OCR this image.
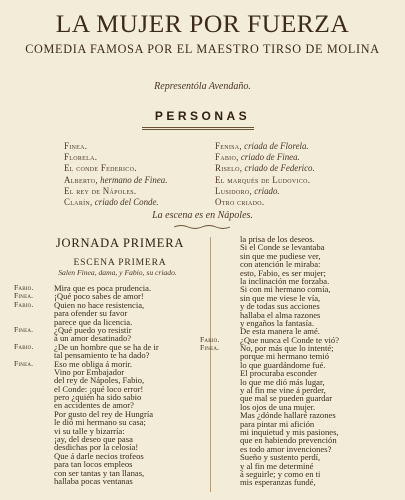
LA MUJER POR FUERZA
COMEDIA FAMOSA POR EL MAESTRO TIRSO DE MOLINA
Representóla Avendaño.
PERSONAS
Finea.
Florela.
El conde Federico.
Alberto, hermano de Finea.
El rey de Nápoles.
Clarín, criado del Conde.
Fenisa, criada de Florela.
Fabio, criado de Finea.
Riselo, criado de Federico.
El marqués de Ludovico.
Lusidoro, criado.
Otro criado.
La escena es en Nápoles.
JORNADA PRIMERA
ESCENA PRIMERA
Salen Finea, dama, y Fabio, su criado.
Fabio. Mira que es poca prudencia.
Finea. ¡Qué poco sabes de amor!
Fabio. Quien no hace resistencia,
para ofender su favor
parece que da licencia.
Finea. ¿Qué puedo yo resistir
á un amor desatinado?
Fabio. ¿De un hombre que se ha de ir
tal pensamiento te ha dado?
Finea. Eso me obliga á morir.
Vino por Embajador
del rey de Nápoles, Fabio,
el Conde: ¡qué loco error!
pero ¿quién ha sido sabio
en accidentes de amor?
Por gusto del rey de Hungría
le dió mi hermano su casa;
vi su talle y bizarría:
¡ay, del deseo que pasa
desdichas por la celosía!
Que á darle necios trofeos
para tan locos empleos
con ser tantas y tan llanas,
hallaba pocas ventanas
la prisa de los deseos.
Si el Conde se levantaba
sin que me pudiese ver,
con atención le miraba:
esto, Fabio, es ser mujer;
la inclinación me forzaba.
Si con mi hermano comía,
sin que me viese le vía,
y de todas sus acciones
hallaba el alma razones
y engaños la fantasía.
De esta manera le amé.
Fabio. ¿Que nunca el Conde te vió?
Finea. No, por más que lo intenté;
porque mi hermano temió
lo que guardándome fué.
El procuraba esconder
lo que me dió más lugar,
y al fin me vine á perder,
que mal se pueden guardar
los ojos de una mujer.
Mas ¿dónde hallaré razones
para pintar mi afición
mi inquietud y mis pasiones,
que en habiendo prevención
es todo amor invenciones?
Sueño y sustento perdí,
y al fin me determiné
á seguirle; y como en ti
mis esperanzas fundé,
